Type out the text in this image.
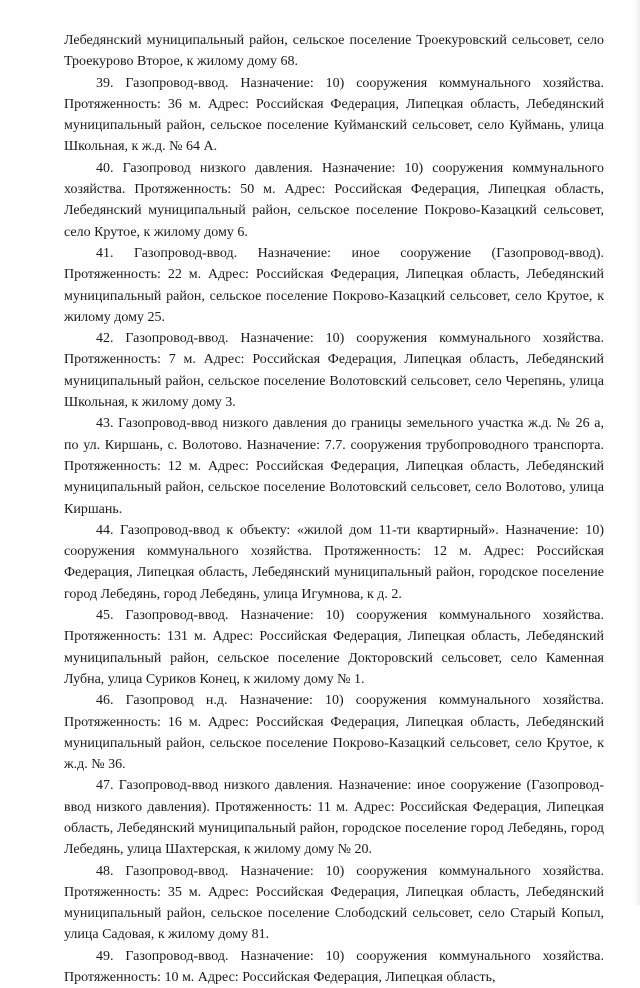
Лебедянский муниципальный район, сельское поселение Троекуровский сельсовет, село Троекурово Второе, к жилому дому 68.

39. Газопровод-ввод. Назначение: 10) сооружения коммунального хозяйства. Протяженность: 36 м. Адрес: Российская Федерация, Липецкая область, Лебедянский муниципальный район, сельское поселение Куйманский сельсовет, село Куймань, улица Школьная, к ж.д. № 64 А.

40. Газопровод низкого давления. Назначение: 10) сооружения коммунального хозяйства. Протяженность: 50 м. Адрес: Российская Федерация, Липецкая область, Лебедянский муниципальный район, сельское поселение Покрово-Казацкий сельсовет, село Крутое, к жилому дому 6.

41. Газопровод-ввод. Назначение: иное сооружение (Газопровод-ввод). Протяженность: 22 м. Адрес: Российская Федерация, Липецкая область, Лебедянский муниципальный район, сельское поселение Покрово-Казацкий сельсовет, село Крутое, к жилому дому 25.

42. Газопровод-ввод. Назначение: 10) сооружения коммунального хозяйства. Протяженность: 7 м. Адрес: Российская Федерация, Липецкая область, Лебедянский муниципальный район, сельское поселение Волотовский сельсовет, село Черепянь, улица Школьная, к жилому дому 3.

43. Газопровод-ввод низкого давления до границы земельного участка ж.д. № 26 а, по ул. Киршань, с. Волотово. Назначение: 7.7. сооружения трубопроводного транспорта. Протяженность: 12 м. Адрес: Российская Федерация, Липецкая область, Лебедянский муниципальный район, сельское поселение Волотовский сельсовет, село Волотово, улица Киршань.

44. Газопровод-ввод к объекту: «жилой дом 11-ти квартирный». Назначение: 10) сооружения коммунального хозяйства. Протяженность: 12 м. Адрес: Российская Федерация, Липецкая область, Лебедянский муниципальный район, городское поселение город Лебедянь, город Лебедянь, улица Игумнова, к д. 2.

45. Газопровод-ввод. Назначение: 10) сооружения коммунального хозяйства. Протяженность: 131 м. Адрес: Российская Федерация, Липецкая область, Лебедянский муниципальный район, сельское поселение Доктоpовский сельсовет, село Каменная Лубна, улица Суриков Конец, к жилому дому № 1.

46. Газопровод н.д. Назначение: 10) сооружения коммунального хозяйства. Протяженность: 16 м. Адрес: Российская Федерация, Липецкая область, Лебедянский муниципальный район, сельское поселение Покрово-Казацкий сельсовет, село Крутое, к ж.д. № 36.

47. Газопровод-ввод низкого давления. Назначение: иное сооружение (Газопровод-ввод низкого давления). Протяженность: 11 м. Адрес: Российская Федерация, Липецкая область, Лебедянский муниципальный район, городское поселение город Лебедянь, город Лебедянь, улица Шахтерская, к жилому дому № 20.

48. Газопровод-ввод. Назначение: 10) сооружения коммунального хозяйства. Протяженность: 35 м. Адрес: Российская Федерация, Липецкая область, Лебедянский муниципальный район, сельское поселение Слободский сельсовет, село Старый Копыл, улица Садовая, к жилому дому 81.

49. Газопровод-ввод. Назначение: 10) сооружения коммунального хозяйства. Протяженность: 10 м. Адрес: Российская Федерация, Липецкая область,
